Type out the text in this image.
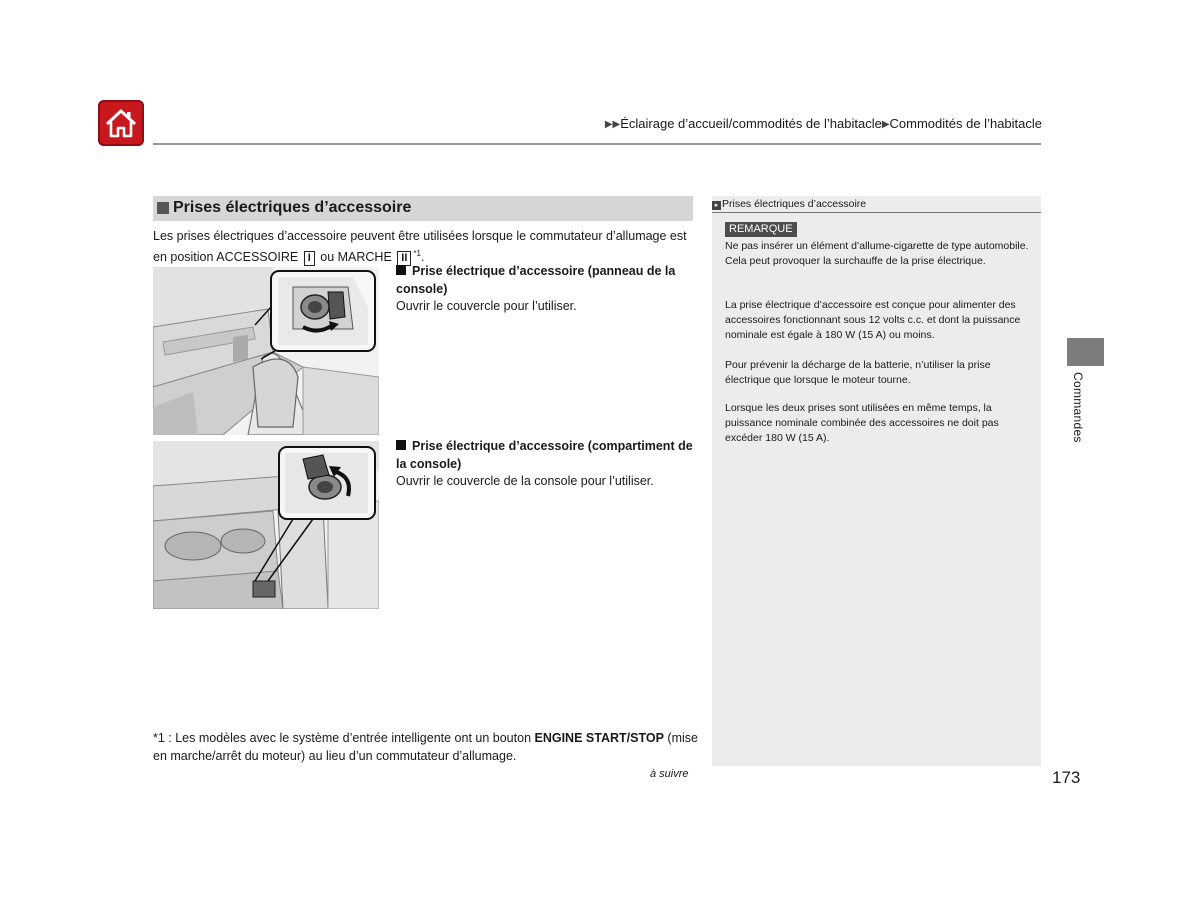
▶▶Éclairage d’accueil/commodités de l’habitacle▶Commodités de l’habitacle
Prises électriques d’accessoire
Les prises électriques d’accessoire peuvent être utilisées lorsque le commutateur d’allumage est en position ACCESSOIRE I ou MARCHE II $^{*1}$.
Prise électrique d’accessoire (panneau de la console)
Ouvrir le couvercle pour l’utiliser.
Prise électrique d’accessoire (compartiment de la console)
Ouvrir le couvercle de la console pour l’utiliser.
*1 : Les modèles avec le système d’entrée intelligente ont un bouton ENGINE START/STOP (mise en marche/arrêt du moteur) au lieu d’un commutateur d’allumage.
à suivre
▸ Prises électriques d’accessoire
REMARQUE
Ne pas insérer un élément d’allume-cigarette de type automobile.
Cela peut provoquer la surchauffe de la prise électrique.
La prise électrique d’accessoire est conçue pour alimenter des accessoires fonctionnant sous 12 volts c.c. et dont la puissance nominale est égale à 180 W (15 A) ou moins.
Pour prévenir la décharge de la batterie, n’utiliser la prise électrique que lorsque le moteur tourne.
Lorsque les deux prises sont utilisées en même temps, la puissance nominale combinée des accessoires ne doit pas excéder 180 W (15 A).	Commandes
173
